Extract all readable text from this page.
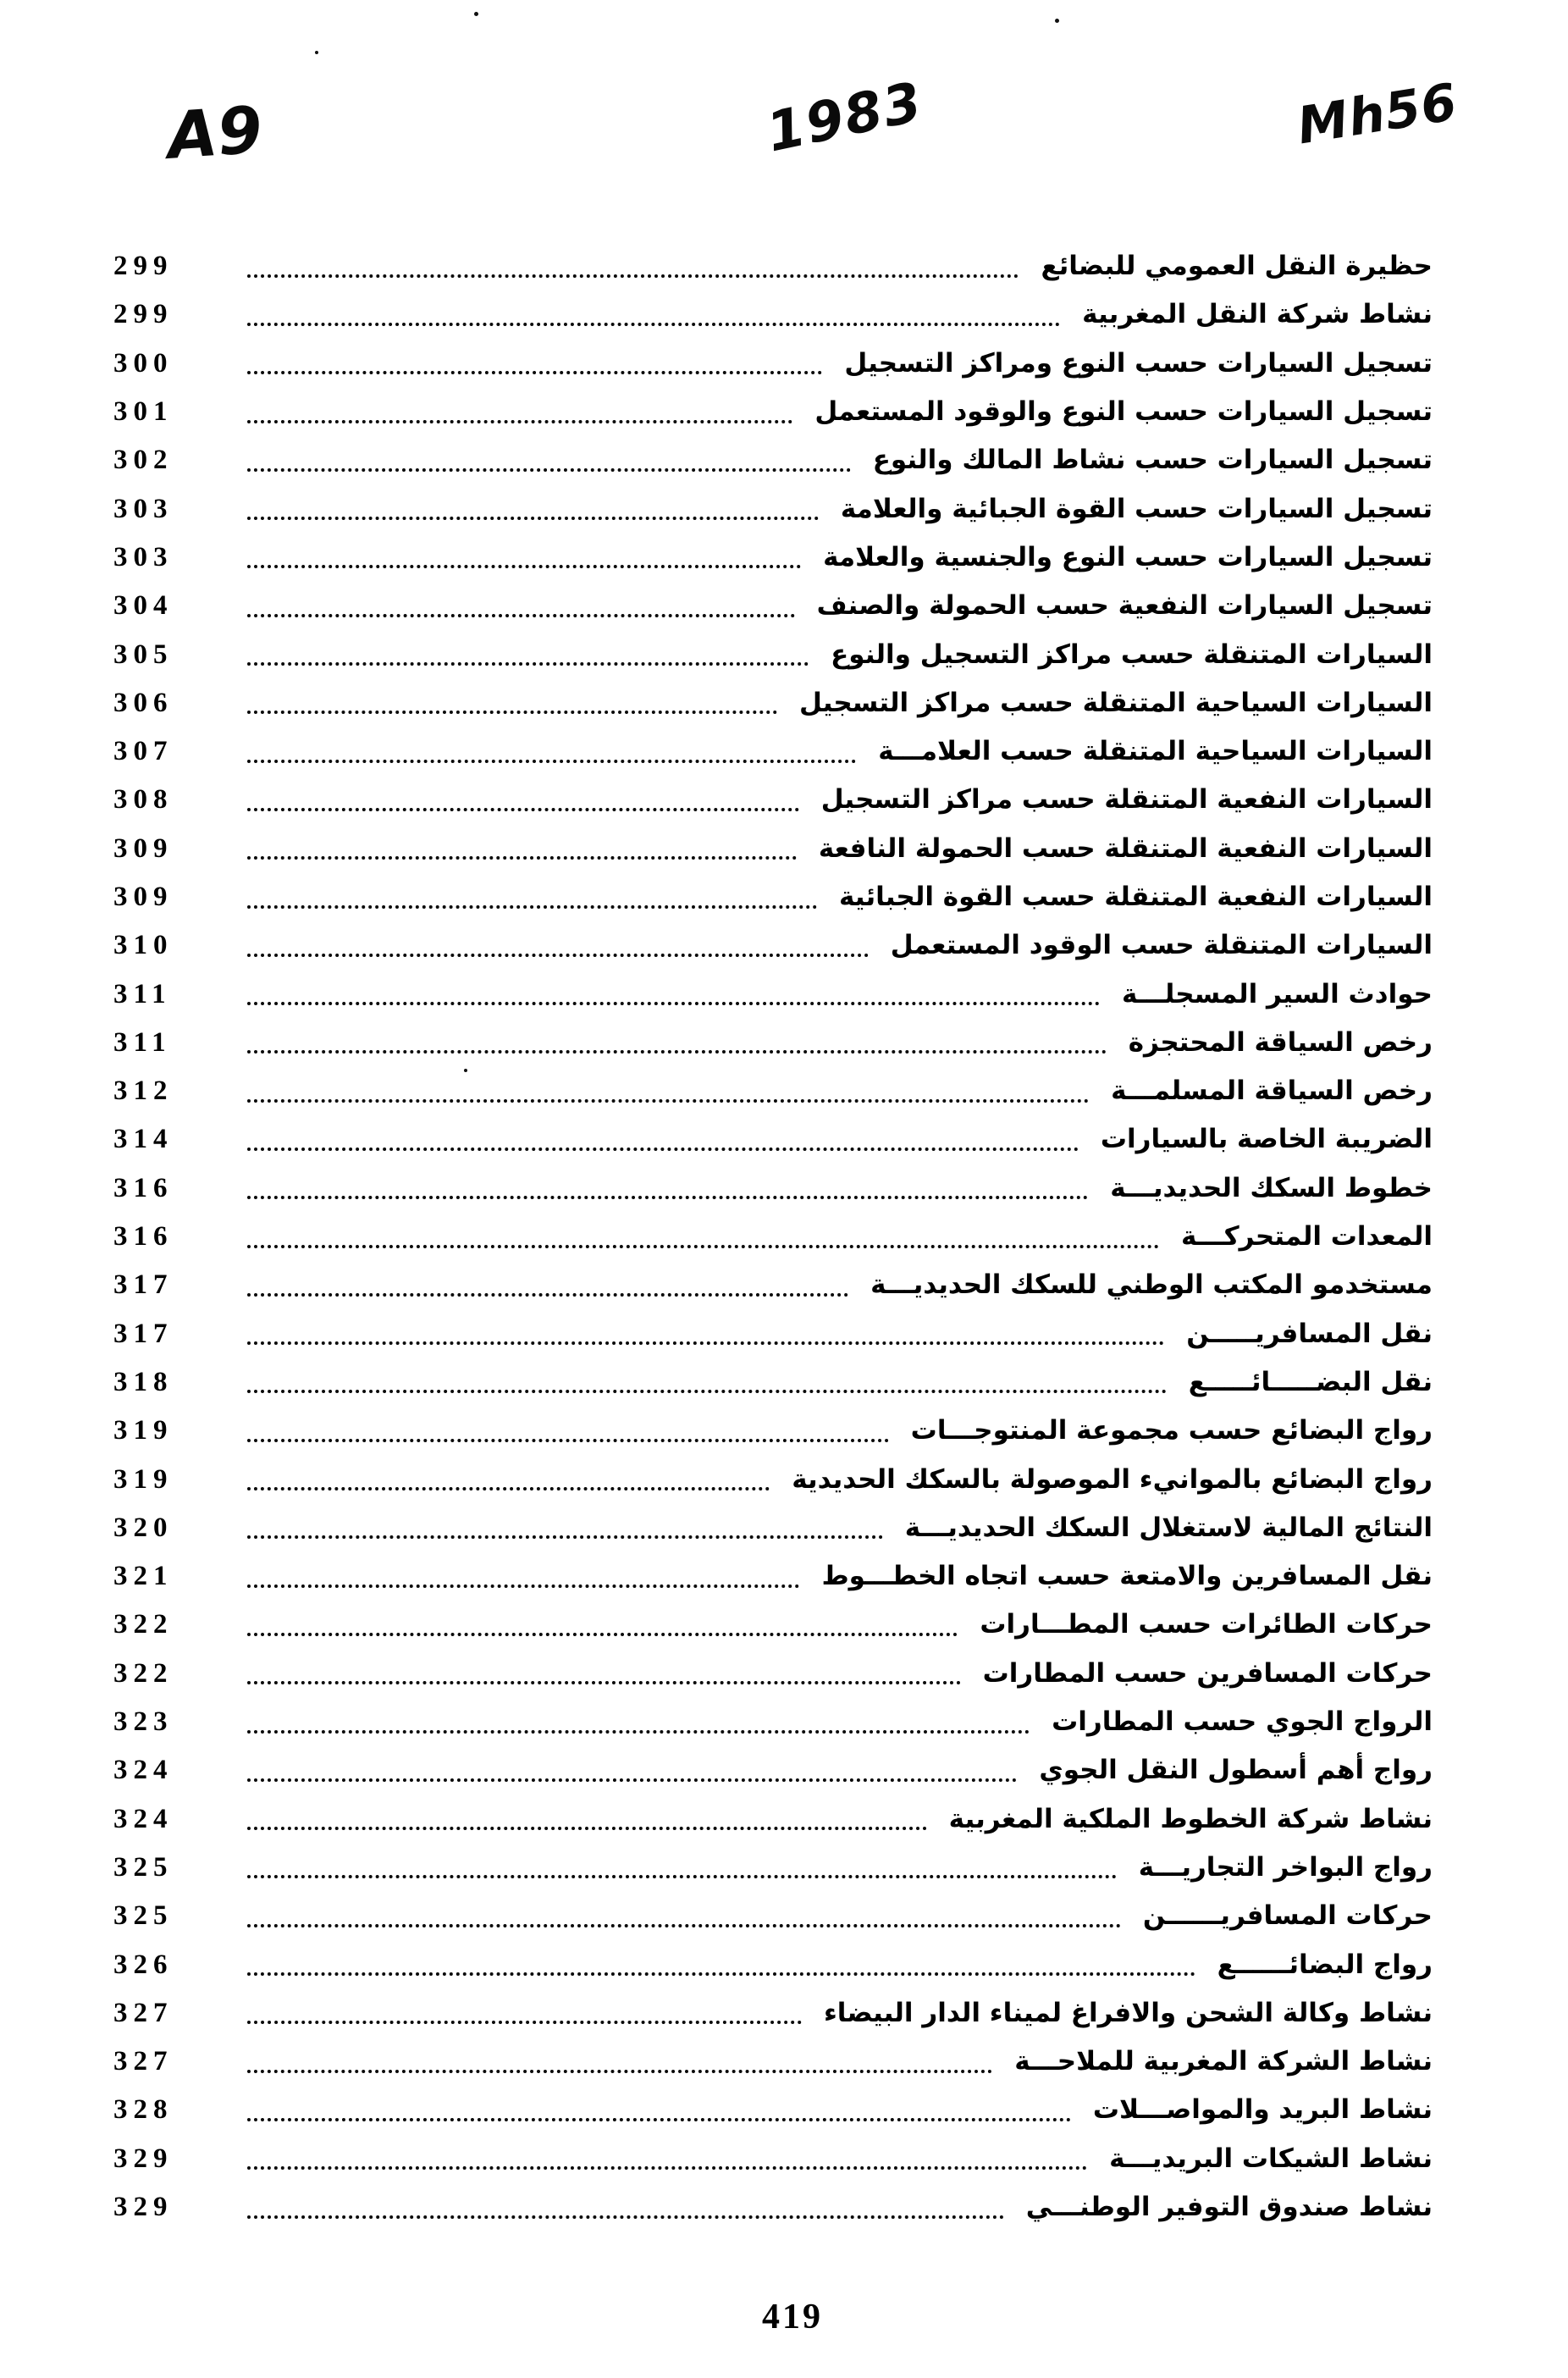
A9	1983	Mh56
299	حظيرة النقل العمومي للبضائع
299	نشاط شركة النقل المغربية
300	تسجيل السيارات حسب النوع ومراكز التسجيل
301	تسجيل السيارات حسب النوع والوقود المستعمل
302	تسجيل السيارات حسب نشاط المالك والنوع
303	تسجيل السيارات حسب القوة الجبائية والعلامة
303	تسجيل السيارات حسب النوع والجنسية والعلامة
304	تسجيل السيارات النفعية حسب الحمولة والصنف
305	السيارات المتنقلة حسب مراكز التسجيل والنوع
306	السيارات السياحية المتنقلة حسب مراكز التسجيل
307	السيارات السياحية المتنقلة حسب العلامـــة
308	السيارات النفعية المتنقلة حسب مراكز التسجيل
309	السيارات النفعية المتنقلة حسب الحمولة النافعة
309	السيارات النفعية المتنقلة حسب القوة الجبائية
310	السيارات المتنقلة حسب الوقود المستعمل
311	حوادث السير المسجلـــة
311	رخص السياقة المحتجزة
312	رخص السياقة المسلمـــة
314	الضريبة الخاصة بالسيارات
316	خطوط السكك الحديديـــة
316	المعدات المتحركـــة
317	مستخدمو المكتب الوطني للسكك الحديديـــة
317	نقل المسافريـــــن
318	نقل البضـــــائـــــع
319	رواج البضائع حسب مجموعة المنتوجـــات
319	رواج البضائع بالموانيء الموصولة بالسكك الحديدية
320	النتائج المالية لاستغلال السكك الحديديـــة
321	نقل المسافرين والامتعة حسب اتجاه الخطـــوط
322	حركات الطائرات حسب المطـــارات
322	حركات المسافرين حسب المطارات
323	الرواج الجوي حسب المطارات
324	رواج أهم أسطول النقل الجوي
324	نشاط شركة الخطوط الملكية المغربية
325	رواج البواخر التجاريـــة
325	حركات المسافريــــــن
326	رواج البضائــــــع
327	نشاط وكالة الشحن والافراغ لميناء الدار البيضاء
327	نشاط الشركة المغربية للملاحـــة
328	نشاط البريد والمواصـــلات
329	نشاط الشيكات البريديـــة
329	نشاط صندوق التوفير الوطنـــي
419
